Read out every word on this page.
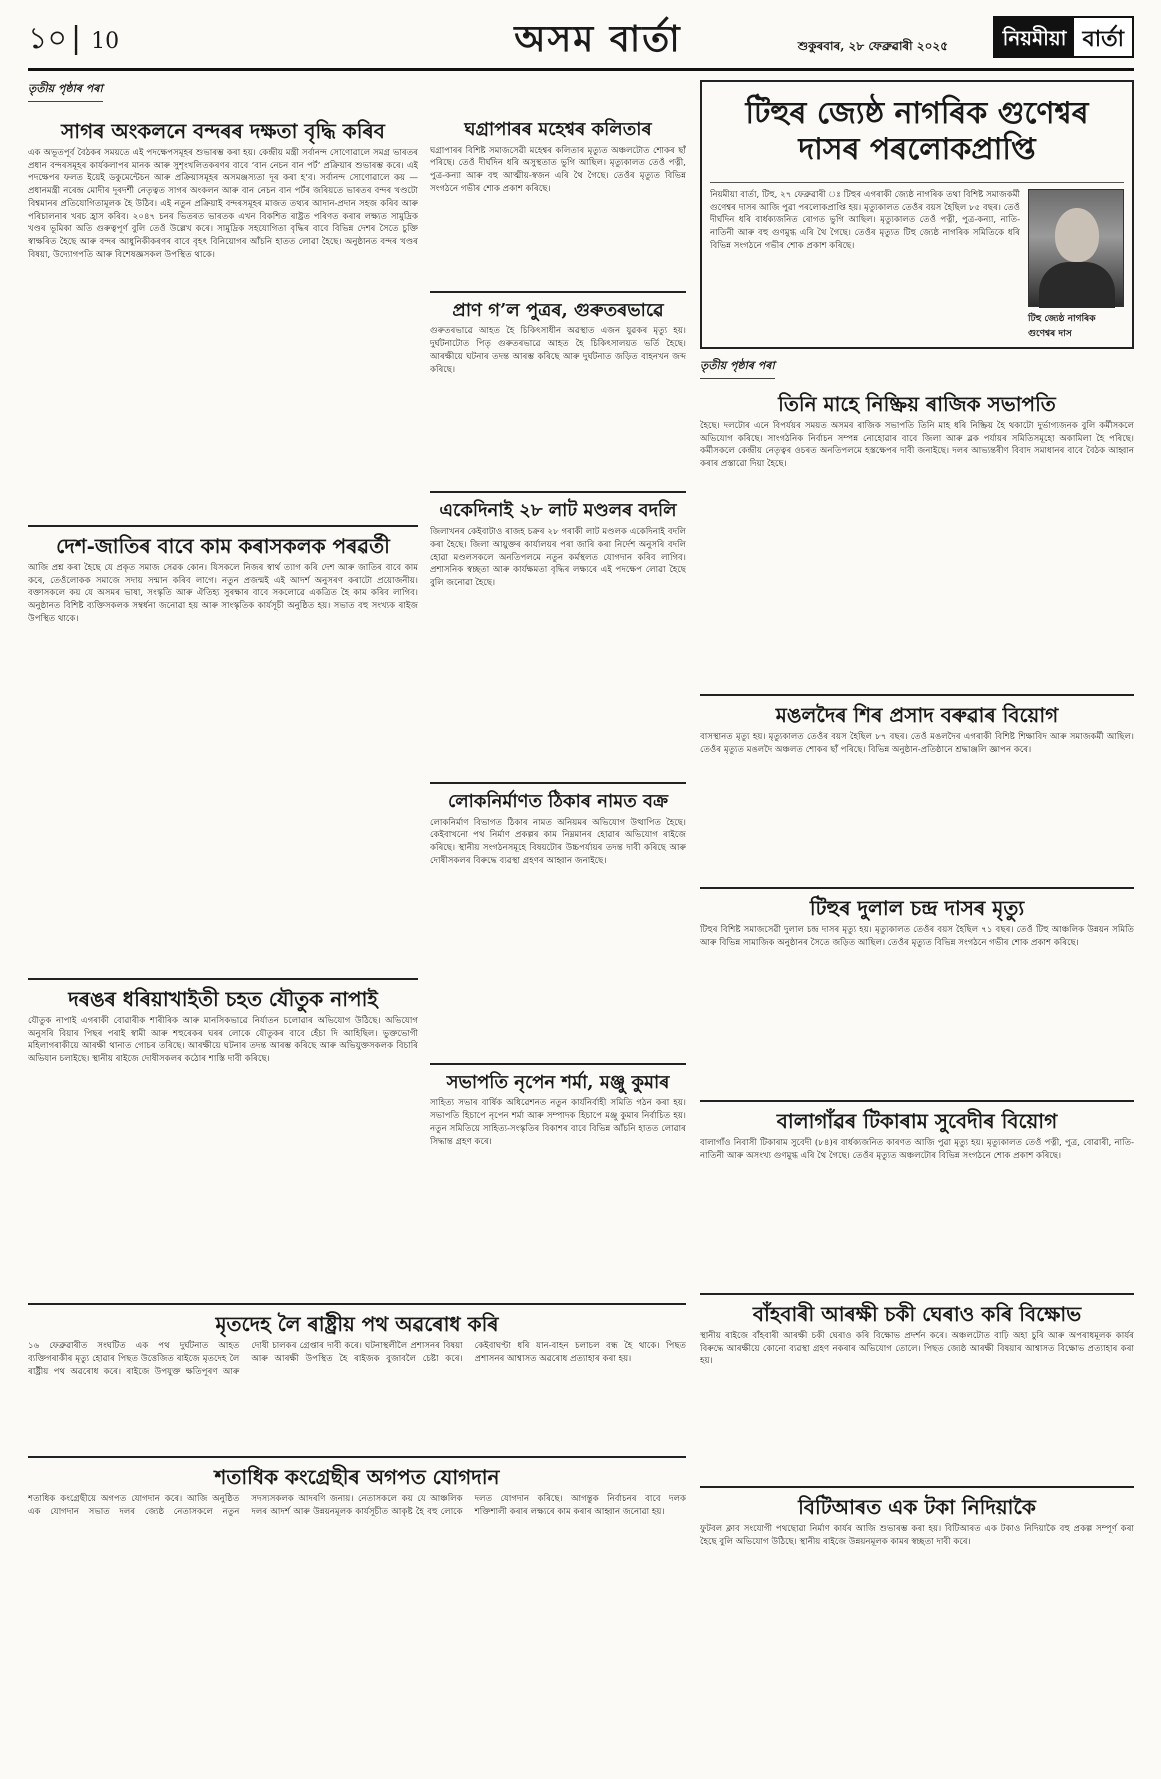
১০ | 10	অসম বাৰ্তা	শুকুৰবাৰ, ২৮ ফেব্ৰুৱাৰী ২০২৫	নিয়মীয়া বাৰ্তা
তৃতীয় পৃষ্ঠাৰ পৰা
সাগৰ অংকলনে বন্দৰৰ দক্ষতা বৃদ্ধি কৰিব
এক অভূতপূৰ্ব বৈঠকৰ সময়তে এই পদক্ষেপসমূহৰ শুভাৰম্ভ কৰা হয়। কেন্দ্ৰীয় মন্ত্ৰী সৰ্বানন্দ সোণোৱালে সমগ্ৰ ভাৰতৰ প্ৰধান বন্দৰসমূহৰ কাৰ্যকলাপৰ মানক আৰু সুশৃংখলিতকৰণৰ বাবে ‘বান নেচন বান পৰ্ট’ প্ৰক্ৰিয়াৰ শুভাৰম্ভ কৰে। এই পদক্ষেপৰ ফলত ইয়েই ডকুমেন্টেচন আৰু প্ৰক্ৰিয়াসমূহৰ অসমঞ্জস্যতা দূৰ কৰা হ’ব। সৰ্বানন্দ সোণোৱালে কয় — প্ৰধানমন্ত্ৰী নৰেন্দ্ৰ মোদীৰ দূৰদৰ্শী নেতৃত্বত সাগৰ অংকলন আৰু বান নেচন বান পৰ্টৰ জৰিয়তে ভাৰতৰ বন্দৰ খণ্ডটো বিশ্বমানৰ প্ৰতিযোগিতামূলক হৈ উঠিব। এই নতুন প্ৰক্ৰিয়াই বন্দৰসমূহৰ মাজত তথ্যৰ আদান-প্ৰদান সহজ কৰিব আৰু পৰিচালনাৰ খৰচ হ্ৰাস কৰিব। ২০৪৭ চনৰ ভিতৰত ভাৰতক এখন বিকশিত ৰাষ্ট্ৰত পৰিণত কৰাৰ লক্ষ্যত সামুদ্ৰিক খণ্ডৰ ভূমিকা অতি গুৰুত্বপূৰ্ণ বুলি তেওঁ উল্লেখ কৰে। সামুদ্ৰিক সহযোগিতা বৃদ্ধিৰ বাবে বিভিন্ন দেশৰ সৈতে চুক্তি স্বাক্ষৰিত হৈছে আৰু বন্দৰ আধুনিকীকৰণৰ বাবে বৃহৎ বিনিয়োগৰ আঁচনি হাতত লোৱা হৈছে। অনুষ্ঠানত বন্দৰ খণ্ডৰ বিষয়া, উদ্যোগপতি আৰু বিশেষজ্ঞসকল উপস্থিত থাকে।
দেশ-জাতিৰ বাবে কাম কৰাসকলক পৰৱৰ্তী
আজি প্ৰশ্ন কৰা হৈছে যে প্ৰকৃত সমাজ সেৱক কোন। যিসকলে নিজৰ স্বাৰ্থ ত্যাগ কৰি দেশ আৰু জাতিৰ বাবে কাম কৰে, তেওঁলোকক সমাজে সদায় সন্মান কৰিব লাগে। নতুন প্ৰজন্মই এই আদৰ্শ অনুসৰণ কৰাটো প্ৰয়োজনীয়। বক্তাসকলে কয় যে অসমৰ ভাষা, সংস্কৃতি আৰু ঐতিহ্য সুৰক্ষাৰ বাবে সকলোৱে একত্ৰিত হৈ কাম কৰিব লাগিব। অনুষ্ঠানত বিশিষ্ট ব্যক্তিসকলক সম্বৰ্ধনা জনোৱা হয় আৰু সাংস্কৃতিক কাৰ্যসূচী অনুষ্ঠিত হয়। সভাত বহু সংখ্যক ৰাইজ উপস্থিত থাকে।
দৰঙৰ ধৰিয়াখাইতী চহত যৌতুক নাপাই
যৌতুক নাপাই এগৰাকী বোৱাৰীক শাৰীৰিক আৰু মানসিকভাৱে নিৰ্যাতন চলোৱাৰ অভিযোগ উঠিছে। অভিযোগ অনুসৰি বিয়াৰ পিছৰ পৰাই স্বামী আৰু শহুৰেকৰ ঘৰৰ লোকে যৌতুকৰ বাবে হেঁচা দি আহিছিল। ভুক্তভোগী মহিলাগৰাকীয়ে আৰক্ষী থানাত গোচৰ তৰিছে। আৰক্ষীয়ে ঘটনাৰ তদন্ত আৰম্ভ কৰিছে আৰু অভিযুক্তসকলক বিচাৰি অভিযান চলাইছে। স্থানীয় ৰাইজে দোষীসকলৰ কঠোৰ শাস্তি দাবী কৰিছে।
ঘগ্ৰাপাৰৰ মহেশ্বৰ কলিতাৰ
ঘগ্ৰাপাৰৰ বিশিষ্ট সমাজসেৱী মহেশ্বৰ কলিতাৰ মৃত্যুত অঞ্চলটোত শোকৰ ছাঁ পৰিছে। তেওঁ দীৰ্ঘদিন ধৰি অসুস্থতাত ভুগি আছিল। মৃত্যুকালত তেওঁ পত্নী, পুত্ৰ-কন্যা আৰু বহু আত্মীয়-স্বজন এৰি থৈ গৈছে। তেওঁৰ মৃত্যুত বিভিন্ন সংগঠনে গভীৰ শোক প্ৰকাশ কৰিছে।
প্ৰাণ গ’ল পুত্ৰৰ, গুৰুতৰভাৱে
গুৰুতৰভাৱে আহত হৈ চিকিৎসাধীন অৱস্থাত এজন যুৱকৰ মৃত্যু হয়। দুৰ্ঘটনাটোত পিতৃ গুৰুতৰভাৱে আহত হৈ চিকিৎসালয়ত ভৰ্তি হৈছে। আৰক্ষীয়ে ঘটনাৰ তদন্ত আৰম্ভ কৰিছে আৰু দুৰ্ঘটনাত জড়িত বাহনখন জব্দ কৰিছে।
একেদিনাই ২৮ লাট মণ্ডলৰ বদলি
জিলাখনৰ কেইবাটাও ৰাজহ চক্ৰৰ ২৮ গৰাকী লাট মণ্ডলক একেদিনাই বদলি কৰা হৈছে। জিলা আয়ুক্তৰ কাৰ্যালয়ৰ পৰা জাৰি কৰা নিৰ্দেশ অনুসৰি বদলি হোৱা মণ্ডলসকলে অনতিপলমে নতুন কৰ্মস্থলত যোগদান কৰিব লাগিব। প্ৰশাসনিক স্বচ্ছতা আৰু কাৰ্যক্ষমতা বৃদ্ধিৰ লক্ষ্যৰে এই পদক্ষেপ লোৱা হৈছে বুলি জনোৱা হৈছে।
লোকনিৰ্মাণত ঠিকাৰ নামত বক্ৰ
লোকনিৰ্মাণ বিভাগত ঠিকাৰ নামত অনিয়মৰ অভিযোগ উত্থাপিত হৈছে। কেইবাখনো পথ নিৰ্মাণ প্ৰকল্পৰ কাম নিম্নমানৰ হোৱাৰ অভিযোগ ৰাইজে কৰিছে। স্থানীয় সংগঠনসমূহে বিষয়টোৰ উচ্চপৰ্যায়ৰ তদন্ত দাবী কৰিছে আৰু দোষীসকলৰ বিৰুদ্ধে ব্যৱস্থা গ্ৰহণৰ আহ্বান জনাইছে।
সভাপতি নৃপেন শৰ্মা, মঞ্জু কুমাৰ
সাহিত্য সভাৰ বাৰ্ষিক অধিৱেশনত নতুন কাৰ্যনিৰ্বাহী সমিতি গঠন কৰা হয়। সভাপতি হিচাপে নৃপেন শৰ্মা আৰু সম্পাদক হিচাপে মঞ্জু কুমাৰ নিৰ্বাচিত হয়। নতুন সমিতিয়ে সাহিত্য-সংস্কৃতিৰ বিকাশৰ বাবে বিভিন্ন আঁচনি হাতত লোৱাৰ সিদ্ধান্ত গ্ৰহণ কৰে।
মৃতদেহ লৈ ৰাষ্ট্ৰীয় পথ অৱৰোধ কৰি
১৬ ফেব্ৰুৱাৰীত সংঘটিত এক পথ দুৰ্ঘটনাত আহত ব্যক্তিগৰাকীৰ মৃত্যু হোৱাৰ পিছত উত্তেজিত ৰাইজে মৃতদেহ লৈ ৰাষ্ট্ৰীয় পথ অৱৰোধ কৰে। ৰাইজে উপযুক্ত ক্ষতিপূৰণ আৰু দোষী চালকৰ গ্ৰেপ্তাৰ দাবী কৰে। ঘটনাস্থলীলৈ প্ৰশাসনৰ বিষয়া আৰু আৰক্ষী উপস্থিত হৈ ৰাইজক বুজাবলৈ চেষ্টা কৰে। কেইবাঘণ্টা ধৰি যান-বাহন চলাচল বন্ধ হৈ থাকে। পিছত প্ৰশাসনৰ আশ্বাসত অৱৰোধ প্ৰত্যাহাৰ কৰা হয়।
শতাধিক কংগ্ৰেছীৰ অগপত যোগদান
শতাধিক কংগ্ৰেছীয়ে অগপত যোগদান কৰে। আজি অনুষ্ঠিত এক যোগদান সভাত দলৰ জ্যেষ্ঠ নেতাসকলে নতুন সদস্যসকলক আদৰণি জনায়। নেতাসকলে কয় যে আঞ্চলিক দলৰ আদৰ্শ আৰু উন্নয়নমূলক কাৰ্যসূচীত আকৃষ্ট হৈ বহু লোকে দলত যোগদান কৰিছে। আগন্তুক নিৰ্বাচনৰ বাবে দলক শক্তিশালী কৰাৰ লক্ষ্যৰে কাম কৰাৰ আহ্বান জনোৱা হয়।
টিহুৰ জ্যেষ্ঠ নাগৰিক গুণেশ্বৰ দাসৰ পৰলোকপ্ৰাপ্তি
নিয়মীয়া বাৰ্তা, টিহু, ২৭ ফেব্ৰুৱাৰী ঃ টিহুৰ এগৰাকী জ্যেষ্ঠ নাগৰিক তথা বিশিষ্ট সমাজকৰ্মী গুণেশ্বৰ দাসৰ আজি পুৱা পৰলোকপ্ৰাপ্তি হয়। মৃত্যুকালত তেওঁৰ বয়স হৈছিল ৮৫ বছৰ। তেওঁ দীৰ্ঘদিন ধৰি বাৰ্ধক্যজনিত ৰোগত ভুগি আছিল। মৃত্যুকালত তেওঁ পত্নী, পুত্ৰ-কন্যা, নাতি-নাতিনী আৰু বহু গুণমুগ্ধ এৰি থৈ গৈছে। তেওঁৰ মৃত্যুত টিহু জ্যেষ্ঠ নাগৰিক সমিতিকে ধৰি বিভিন্ন সংগঠনে গভীৰ শোক প্ৰকাশ কৰিছে।
টিহু জ্যেষ্ঠ নাগৰিক গুণেশ্বৰ দাস
তৃতীয় পৃষ্ঠাৰ পৰা
তিনি মাহে নিষ্ক্ৰিয় ৰাজিক সভাপতি
হৈছে। দলটোৰ এনে বিপৰ্যয়ৰ সময়ত অসমৰ ৰাজিক সভাপতি তিনি মাহ ধৰি নিষ্ক্ৰিয় হৈ থকাটো দুৰ্ভাগ্যজনক বুলি কৰ্মীসকলে অভিযোগ কৰিছে। সাংগঠনিক নিৰ্বাচন সম্পন্ন নোহোৱাৰ বাবে জিলা আৰু ব্লক পৰ্যায়ৰ সমিতিসমূহো অকামিলা হৈ পৰিছে। কৰ্মীসকলে কেন্দ্ৰীয় নেতৃত্বৰ ওচৰত অনতিপলমে হস্তক্ষেপৰ দাবী জনাইছে। দলৰ আভ্যন্তৰীণ বিবাদ সমাধানৰ বাবে বৈঠক আহ্বান কৰাৰ প্ৰস্তাৱো দিয়া হৈছে।
মঙলদৈৰ শিৰ প্ৰসাদ বৰুৱাৰ বিয়োগ
বাসস্থানত মৃত্যু হয়। মৃত্যুকালত তেওঁৰ বয়স হৈছিল ৮৭ বছৰ। তেওঁ মঙলদৈৰ এগৰাকী বিশিষ্ট শিক্ষাবিদ আৰু সমাজকৰ্মী আছিল। তেওঁৰ মৃত্যুত মঙলদৈ অঞ্চলত শোকৰ ছাঁ পৰিছে। বিভিন্ন অনুষ্ঠান-প্ৰতিষ্ঠানে শ্ৰদ্ধাঞ্জলি জ্ঞাপন কৰে।
টিহুৰ দুলাল চন্দ্ৰ দাসৰ মৃত্যু
টিহুৰ বিশিষ্ট সমাজসেৱী দুলাল চন্দ্ৰ দাসৰ মৃত্যু হয়। মৃত্যুকালত তেওঁৰ বয়স হৈছিল ৭১ বছৰ। তেওঁ টিহু আঞ্চলিক উন্নয়ন সমিতি আৰু বিভিন্ন সামাজিক অনুষ্ঠানৰ সৈতে জড়িত আছিল। তেওঁৰ মৃত্যুত বিভিন্ন সংগঠনে গভীৰ শোক প্ৰকাশ কৰিছে।
বালাগাঁৱৰ টিকাৰাম সুবেদীৰ বিয়োগ
বালাগাঁও নিবাসী টিকাৰাম সুবেদী (৮৪)ৰ বাৰ্ধক্যজনিত কাৰণত আজি পুৱা মৃত্যু হয়। মৃত্যুকালত তেওঁ পত্নী, পুত্ৰ, বোৱাৰী, নাতি-নাতিনী আৰু অসংখ্য গুণমুগ্ধ এৰি থৈ গৈছে। তেওঁৰ মৃত্যুত অঞ্চলটোৰ বিভিন্ন সংগঠনে শোক প্ৰকাশ কৰিছে।
বাঁহবাৰী আৰক্ষী চকী ঘেৰাও কৰি বিক্ষোভ
স্থানীয় ৰাইজে বাঁহবাৰী আৰক্ষী চকী ঘেৰাও কৰি বিক্ষোভ প্ৰদৰ্শন কৰে। অঞ্চলটোত বাঢ়ি অহা চুৰি আৰু অপৰাধমূলক কাৰ্যৰ বিৰুদ্ধে আৰক্ষীয়ে কোনো ব্যৱস্থা গ্ৰহণ নকৰাৰ অভিযোগ তোলে। পিছত জ্যেষ্ঠ আৰক্ষী বিষয়াৰ আশ্বাসত বিক্ষোভ প্ৰত্যাহাৰ কৰা হয়।
বিটিআৰত এক টকা নিদিয়াকৈ
ফুটবল ক্লাব সংযোগী পথছোৱা নিৰ্মাণ কাৰ্যৰ আজি শুভাৰম্ভ কৰা হয়। বিটিআৰত এক টকাও নিদিয়াকৈ বহু প্ৰকল্প সম্পূৰ্ণ কৰা হৈছে বুলি অভিযোগ উঠিছে। স্থানীয় ৰাইজে উন্নয়নমূলক কামৰ স্বচ্ছতা দাবী কৰে।
